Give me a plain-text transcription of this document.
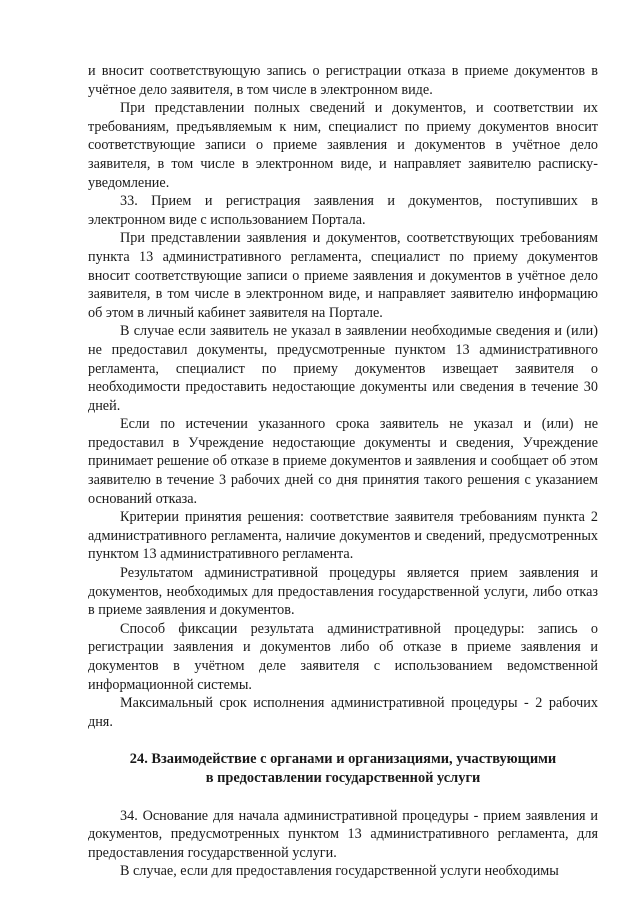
и вносит соответствующую запись о регистрации отказа в приеме документов в учётное дело заявителя, в том числе в электронном виде.

При представлении полных сведений и документов, и соответствии их требованиям, предъявляемым к ним, специалист по приему документов вносит соответствующие записи о приеме заявления и документов в учётное дело заявителя, в том числе в электронном виде, и направляет заявителю расписку-уведомление.

33. Прием и регистрация заявления и документов, поступивших в электронном виде с использованием Портала.

При представлении заявления и документов, соответствующих требованиям пункта 13 административного регламента, специалист по приему документов вносит соответствующие записи о приеме заявления и документов в учётное дело заявителя, в том числе в электронном виде, и направляет заявителю информацию об этом в личный кабинет заявителя на Портале.

В случае если заявитель не указал в заявлении необходимые сведения и (или) не предоставил документы, предусмотренные пунктом 13 административного регламента, специалист по приему документов извещает заявителя о необходимости предоставить недостающие документы или сведения в течение 30 дней.

Если по истечении указанного срока заявитель не указал и (или) не предоставил в Учреждение недостающие документы и сведения, Учреждение принимает решение об отказе в приеме документов и заявления и сообщает об этом заявителю в течение 3 рабочих дней со дня принятия такого решения с указанием оснований отказа.

Критерии принятия решения: соответствие заявителя требованиям пункта 2 административного регламента, наличие документов и сведений, предусмотренных пунктом 13 административного регламента.

Результатом административной процедуры является прием заявления и документов, необходимых для предоставления государственной услуги, либо отказ в приеме заявления и документов.

Способ фиксации результата административной процедуры: запись о регистрации заявления и документов либо об отказе в приеме заявления и документов в учётном деле заявителя с использованием ведомственной информационной системы.

Максимальный срок исполнения административной процедуры - 2 рабочих дня.

24. Взаимодействие с органами и организациями, участвующими
в предоставлении государственной услуги

34. Основание для начала административной процедуры - прием заявления и документов, предусмотренных пунктом 13 административного регламента, для предоставления государственной услуги.

В случае, если для предоставления государственной услуги необходимы
